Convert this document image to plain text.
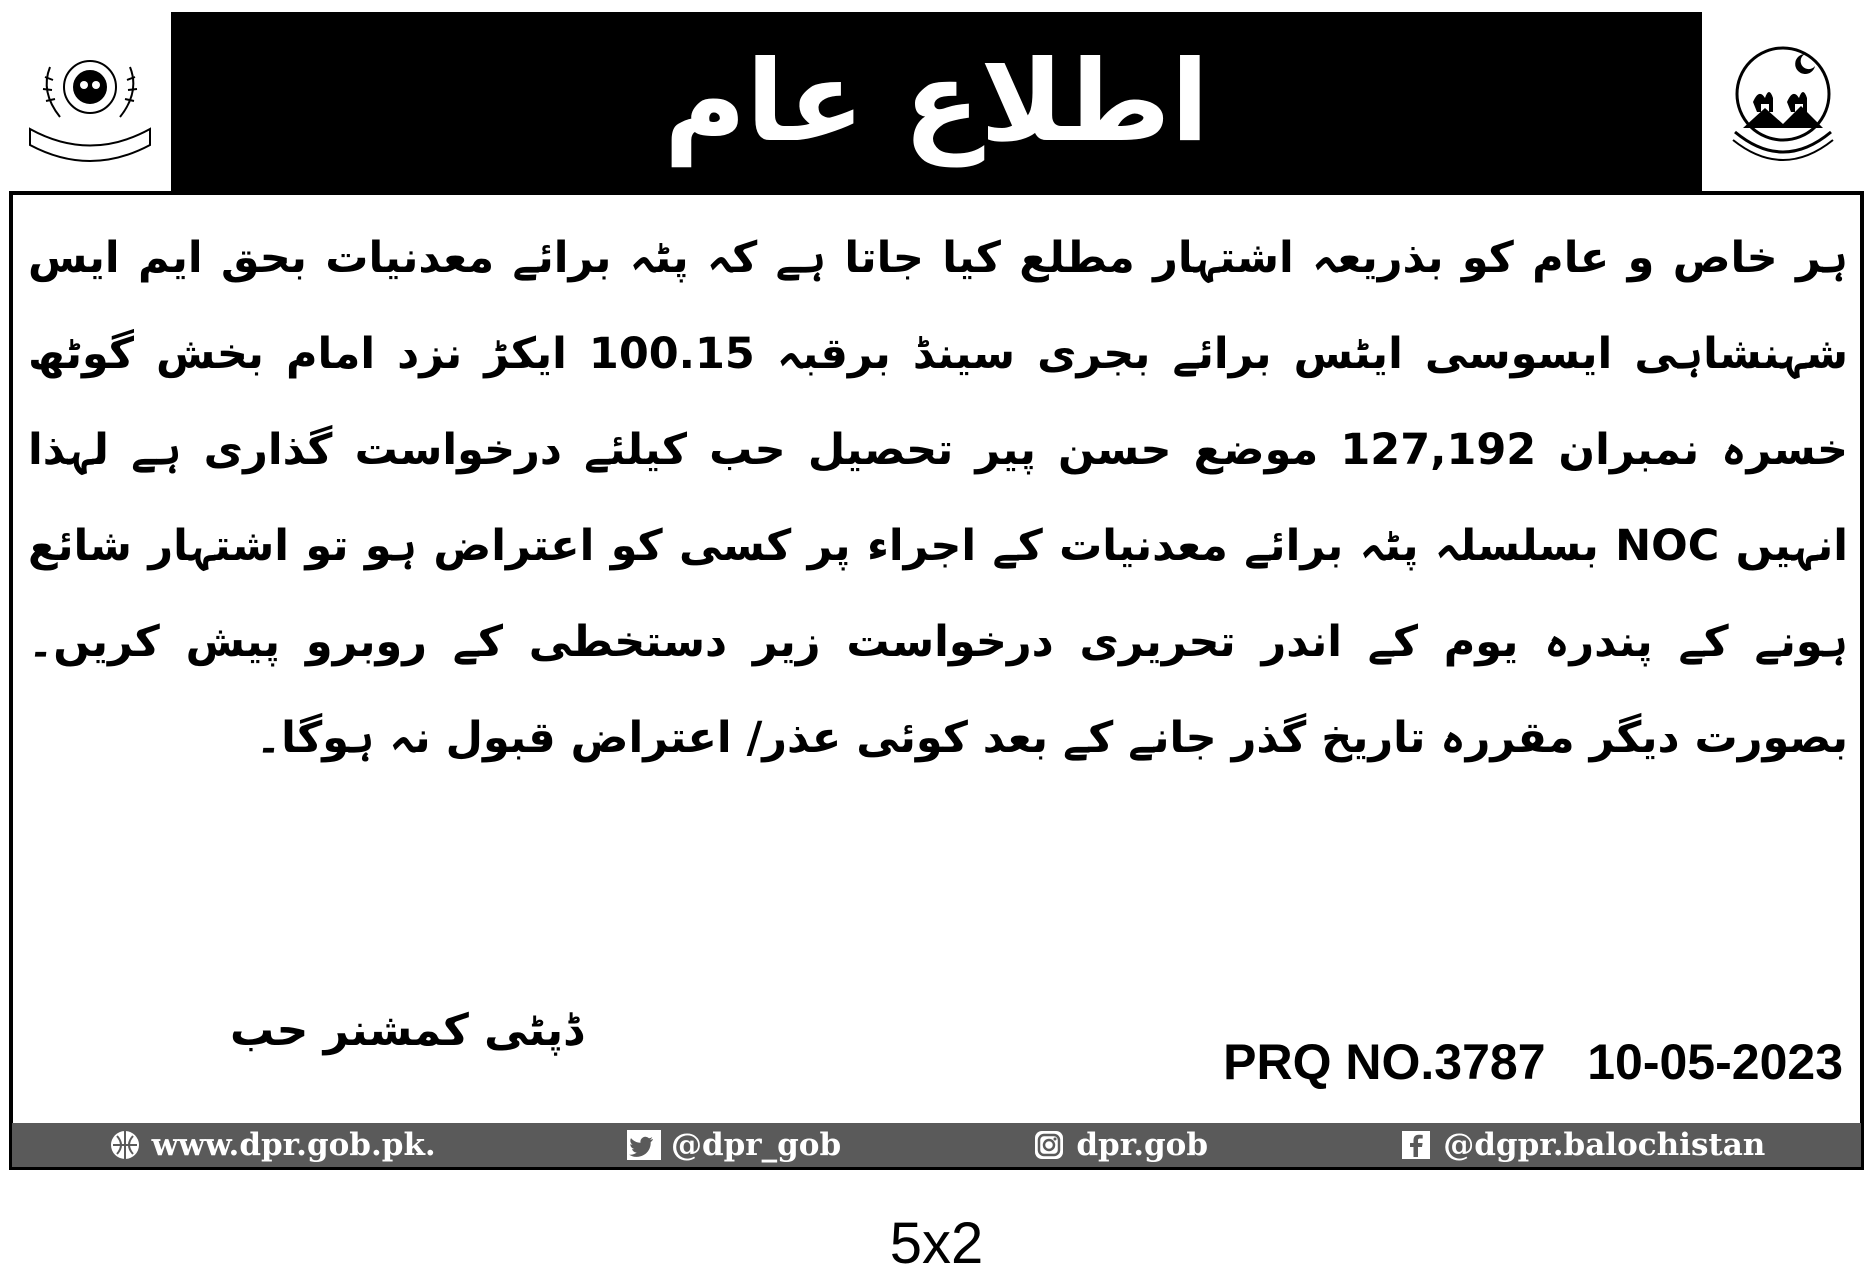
اطلاع عام
ہر خاص و عام کو بذریعہ اشتہار مطلع کیا جاتا ہے کہ پٹہ برائے معدنیات بحق ایم ایس شہنشاہی ایسوسی ایٹس برائے بجری سینڈ برقبہ 100.15 ایکڑ نزد امام بخش گوٹھ خسرہ نمبران 127,192 موضع حسن پیر تحصیل حب کیلئے درخواست گذاری ہے لہذا انہیں NOC بسلسلہ پٹہ برائے معدنیات کے اجراء پر کسی کو اعتراض ہو تو اشتہار شائع ہونے کے پندرہ یوم کے اندر تحریری درخواست زیر دستخطی کے روبرو پیش کریں۔ بصورت دیگر مقررہ تاریخ گذر جانے کے بعد کوئی عذر/ اعتراض قبول نہ ہوگا۔
ڈپٹی کمشنر حب
PRQ NO.3787 10-05-2023
www.dpr.gob.pk.	@dpr_gob	dpr.gob	@dgpr.balochistan
5x2
